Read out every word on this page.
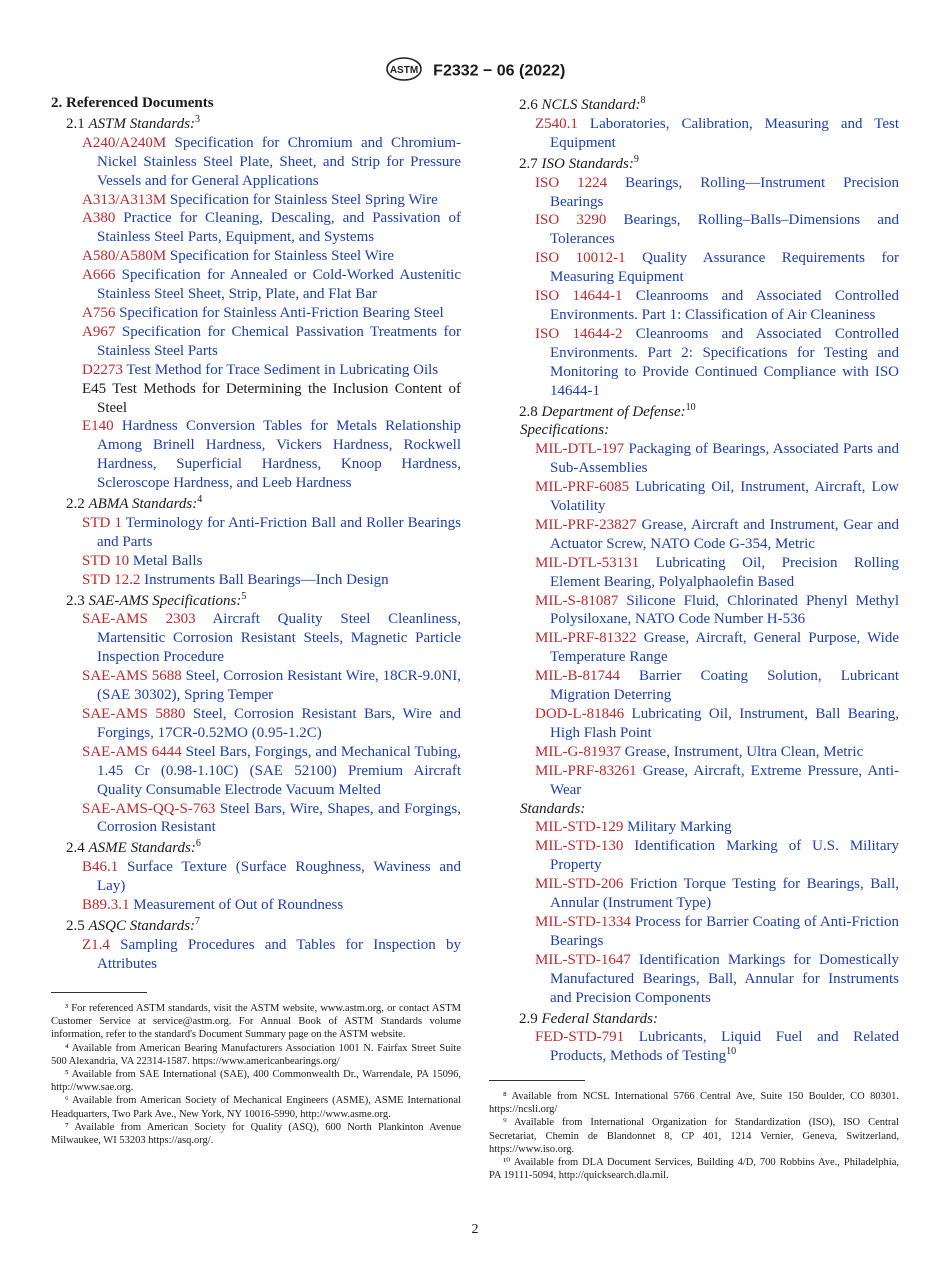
ASTM F2332 − 06 (2022)
2. Referenced Documents
2.1 ASTM Standards:$^3$
A240/A240M Specification for Chromium and Chromium-Nickel Stainless Steel Plate, Sheet, and Strip for Pressure Vessels and for General Applications
A313/A313M Specification for Stainless Steel Spring Wire
A380 Practice for Cleaning, Descaling, and Passivation of Stainless Steel Parts, Equipment, and Systems
A580/A580M Specification for Stainless Steel Wire
A666 Specification for Annealed or Cold-Worked Austenitic Stainless Steel Sheet, Strip, Plate, and Flat Bar
A756 Specification for Stainless Anti-Friction Bearing Steel
A967 Specification for Chemical Passivation Treatments for Stainless Steel Parts
D2273 Test Method for Trace Sediment in Lubricating Oils
E45 Test Methods for Determining the Inclusion Content of Steel
E140 Hardness Conversion Tables for Metals Relationship Among Brinell Hardness, Vickers Hardness, Rockwell Hardness, Superficial Hardness, Knoop Hardness, Scleroscope Hardness, and Leeb Hardness
2.2 ABMA Standards:$^4$
STD 1 Terminology for Anti-Friction Ball and Roller Bearings and Parts
STD 10 Metal Balls
STD 12.2 Instruments Ball Bearings—Inch Design
2.3 SAE-AMS Specifications:$^5$
SAE-AMS 2303 Aircraft Quality Steel Cleanliness, Martensitic Corrosion Resistant Steels, Magnetic Particle Inspection Procedure
SAE-AMS 5688 Steel, Corrosion Resistant Wire, 18CR-9.0NI, (SAE 30302), Spring Temper
SAE-AMS 5880 Steel, Corrosion Resistant Bars, Wire and Forgings, 17CR-0.52MO (0.95-1.2C)
SAE-AMS 6444 Steel Bars, Forgings, and Mechanical Tubing, 1.45 Cr (0.98-1.10C) (SAE 52100) Premium Aircraft Quality Consumable Electrode Vacuum Melted
SAE-AMS-QQ-S-763 Steel Bars, Wire, Shapes, and Forgings, Corrosion Resistant
2.4 ASME Standards:$^6$
B46.1 Surface Texture (Surface Roughness, Waviness and Lay)
B89.3.1 Measurement of Out of Roundness
2.5 ASQC Standards:$^7$
Z1.4 Sampling Procedures and Tables for Inspection by Attributes
2.6 NCLS Standard:$^8$
Z540.1 Laboratories, Calibration, Measuring and Test Equipment
2.7 ISO Standards:$^9$
ISO 1224 Bearings, Rolling—Instrument Precision Bearings
ISO 3290 Bearings, Rolling–Balls–Dimensions and Tolerances
ISO 10012-1 Quality Assurance Requirements for Measuring Equipment
ISO 14644-1 Cleanrooms and Associated Controlled Environments. Part 1: Classification of Air Cleaniness
ISO 14644-2 Cleanrooms and Associated Controlled Environments. Part 2: Specifications for Testing and Monitoring to Provide Continued Compliance with ISO 14644-1
2.8 Department of Defense:$^{10}$
Specifications:
MIL-DTL-197 Packaging of Bearings, Associated Parts and Sub-Assemblies
MIL-PRF-6085 Lubricating Oil, Instrument, Aircraft, Low Volatility
MIL-PRF-23827 Grease, Aircraft and Instrument, Gear and Actuator Screw, NATO Code G-354, Metric
MIL-DTL-53131 Lubricating Oil, Precision Rolling Element Bearing, Polyalphaolefin Based
MIL-S-81087 Silicone Fluid, Chlorinated Phenyl Methyl Polysiloxane, NATO Code Number H-536
MIL-PRF-81322 Grease, Aircraft, General Purpose, Wide Temperature Range
MIL-B-81744 Barrier Coating Solution, Lubricant Migration Deterring
DOD-L-81846 Lubricating Oil, Instrument, Ball Bearing, High Flash Point
MIL-G-81937 Grease, Instrument, Ultra Clean, Metric
MIL-PRF-83261 Grease, Aircraft, Extreme Pressure, Anti-Wear
Standards:
MIL-STD-129 Military Marking
MIL-STD-130 Identification Marking of U.S. Military Property
MIL-STD-206 Friction Torque Testing for Bearings, Ball, Annular (Instrument Type)
MIL-STD-1334 Process for Barrier Coating of Anti-Friction Bearings
MIL-STD-1647 Identification Markings for Domestically Manufactured Bearings, Ball, Annular for Instruments and Precision Components
2.9 Federal Standards:
FED-STD-791 Lubricants, Liquid Fuel and Related Products, Methods of Testing$^{10}$

³ For referenced ASTM standards, visit the ASTM website, www.astm.org, or contact ASTM Customer Service at service@astm.org. For Annual Book of ASTM Standards volume information, refer to the standard's Document Summary page on the ASTM website.

⁴ Available from American Bearing Manufacturers Association 1001 N. Fairfax Street Suite 500 Alexandria, VA 22314-1587. https://www.americanbearings.org/

⁵ Available from SAE International (SAE), 400 Commonwealth Dr., Warrendale, PA 15096, http://www.sae.org.

⁶ Available from American Society of Mechanical Engineers (ASME), ASME International Headquarters, Two Park Ave., New York, NY 10016-5990, http://www.asme.org.

⁷ Available from American Society for Quality (ASQ), 600 North Plankinton Avenue Milwaukee, WI 53203 https://asq.org/.

⁸ Available from NCSL International 5766 Central Ave, Suite 150 Boulder, CO 80301. https://ncsli.org/

⁹ Available from International Organization for Standardization (ISO), ISO Central Secretariat, Chemin de Blandonnet 8, CP 401, 1214 Vernier, Geneva, Switzerland, https://www.iso.org.

¹⁰ Available from DLA Document Services, Building 4/D, 700 Robbins Ave., Philadelphia, PA 19111-5094, http://quicksearch.dla.mil.

2
